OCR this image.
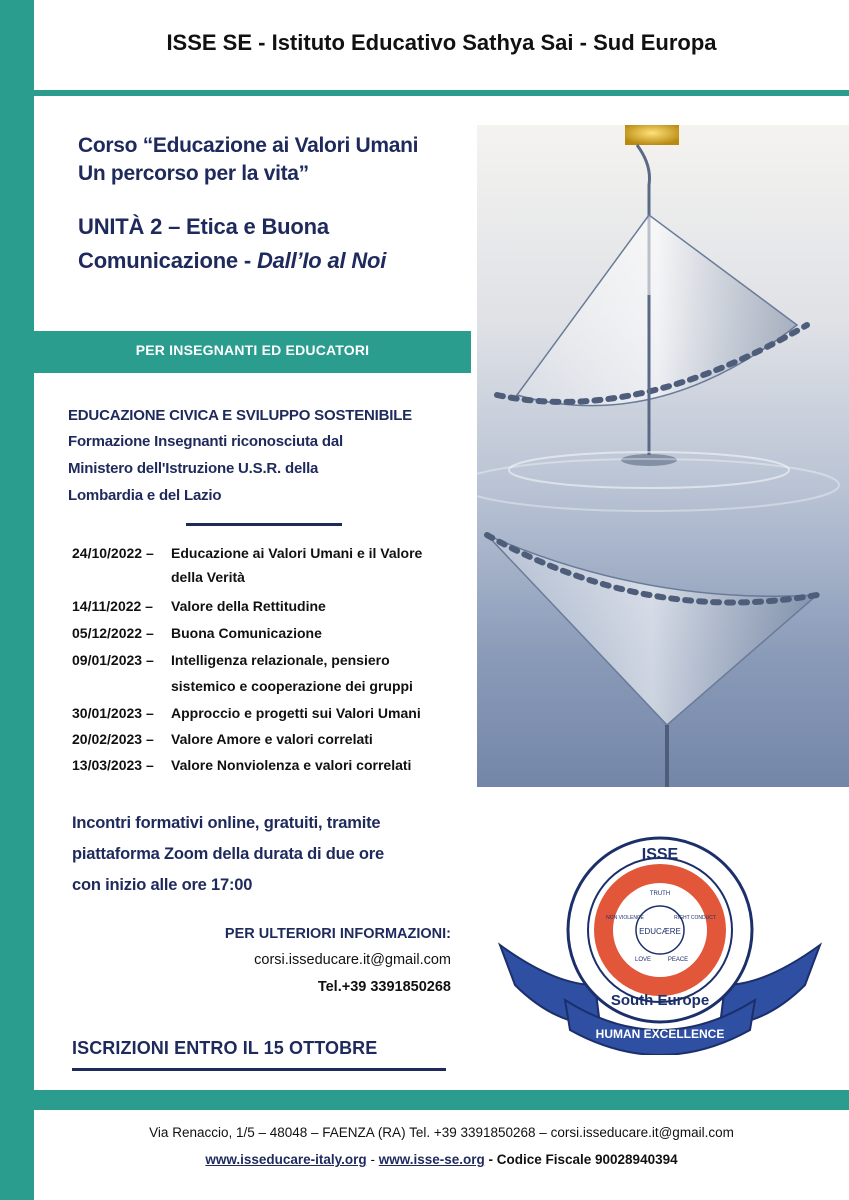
ISSE SE - Istituto Educativo Sathya Sai - Sud Europa
Corso “Educazione ai Valori Umani
Un percorso per la vita”
UNITÀ 2 – Etica e Buona
Comunicazione - Dall’Io al Noi
PER INSEGNANTI ED EDUCATORI
EDUCAZIONE CIVICA E SVILUPPO SOSTENIBILE
Formazione Insegnanti riconosciuta dal
Ministero dell'Istruzione U.S.R. della
Lombardia e del Lazio
24/10/2022 –	Educazione ai Valori Umani e il Valore
della Verità
14/11/2022 –	Valore della Rettitudine
05/12/2022 –	Buona Comunicazione
09/01/2023 –	Intelligenza relazionale, pensiero
sistemico e cooperazione dei gruppi
30/01/2023 –	Approccio e progetti sui Valori Umani
20/02/2023 –	Valore Amore e valori correlati
13/03/2023 –	Valore Nonviolenza e valori correlati
Incontri formativi online, gratuiti, tramite
piattaforma Zoom della durata di due ore
con inizio alle ore 17:00
PER ULTERIORI INFORMAZIONI:
corsi.isseducare.it@gmail.com
Tel.+39 3391850268
ISCRIZIONI ENTRO IL 15 OTTOBRE
ISSE
EDUCÆRE
TRUTH
RIGHT CONDUCT
PEACE
LOVE
NON VIOLENCE
South Europe
HUMAN EXCELLENCE
Via Renaccio, 1/5 – 48048 – FAENZA (RA) Tel. +39 3391850268 – corsi.isseducare.it@gmail.com
www.isseducare-italy.org - www.isse-se.org - Codice Fiscale 90028940394
